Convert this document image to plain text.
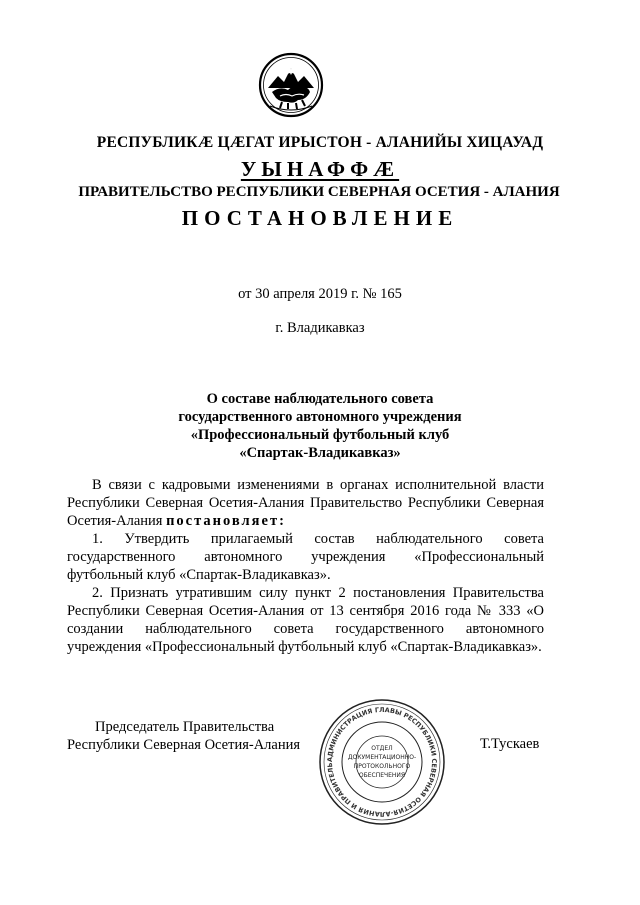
РЕСПУБЛИКӔ ЦӔГАТ ИРЫСТОН - АЛАНИЙЫ ХИЦАУАД
УЫНАФФӔ
ПРАВИТЕЛЬСТВО РЕСПУБЛИКИ СЕВЕРНАЯ ОСЕТИЯ - АЛАНИЯ
ПОСТАНОВЛЕНИЕ
от 30 апреля 2019 г. № 165
г. Владикавказ
О составе наблюдательного совета
государственного автономного учреждения
«Профессиональный футбольный клуб
«Спартак-Владикавказ»

В связи с кадровыми изменениями в органах исполнительной власти Республики Северная Осетия-Алания Правительство Республики Северная Осетия-Алания постановляет:

1. Утвердить прилагаемый состав наблюдательного совета государственного автономного учреждения «Профессиональный футбольный клуб «Спартак-Владикавказ».

2. Признать утратившим силу пункт 2 постановления Правительства Республики Северная Осетия-Алания от 13 сентября 2016 года № 333 «О создании наблюдательного совета государственного автономного учреждения «Профессиональный футбольный клуб «Спартак-Владикавказ».

Председатель Правительства
Республики Северная Осетия-Алания
АДМИНИСТРАЦИЯ ГЛАВЫ РЕСПУБЛИКИ СЕВЕРНАЯ ОСЕТИЯ-АЛАНИЯ И ПРАВИТЕЛЬ
ОТДЕЛ
ДОКУМЕНТАЦИОННО-
ПРОТОКОЛЬНОГО
ОБЕСПЕЧЕНИЯ
Т.Тускаев
